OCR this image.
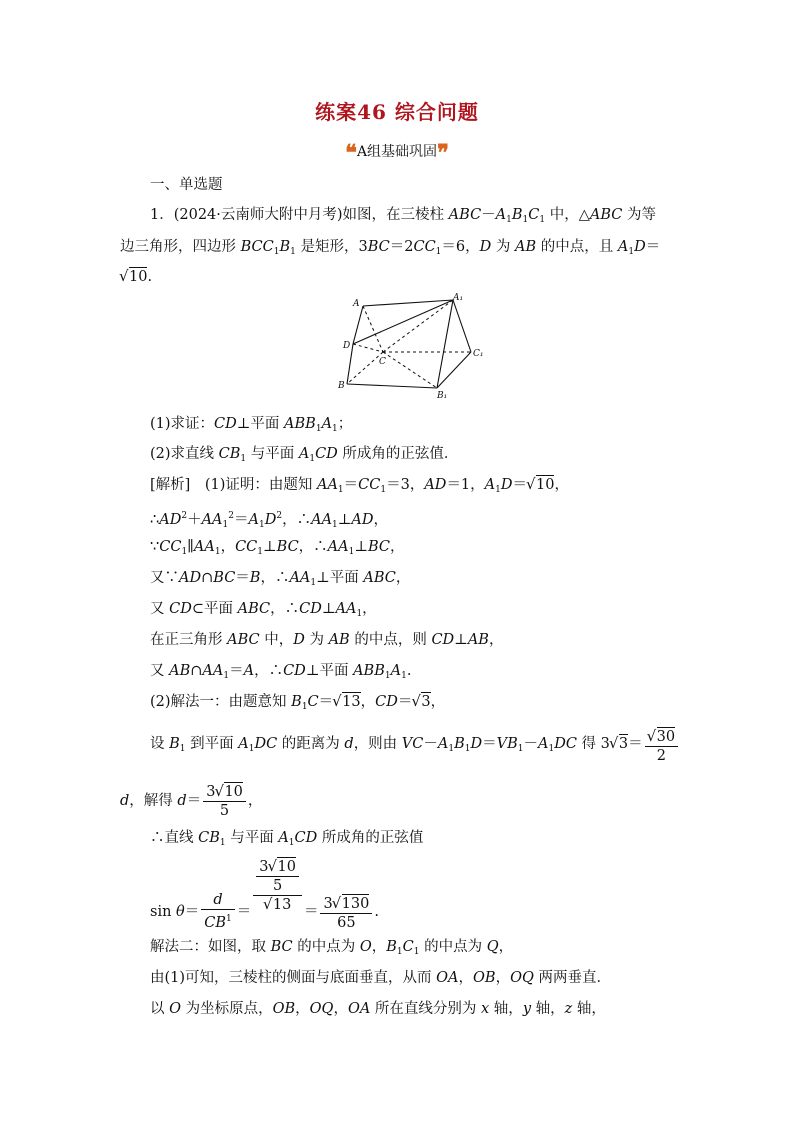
练案46 综合问题
❝A组基础巩固❞
一、单选题
1．(2024·云南师大附中月考)如图，在三棱柱 $ABC-A_1B_1C_1$ 中，△ABC 为等
边三角形，四边形 $BCC_1B_1$ 是矩形，$3BC=2CC_1=6$，D 为 AB 的中点，且 $A_1D=$
√ 10.
A
A₁
D
C
C₁
B
B₁
(1)求证：CD⊥平面 $ABB_1A_1$；
(2)求直线 $CB_1$ 与平面 $A_1CD$ 所成角的正弦值．
[解析]　(1)证明：由题知 $AA_1=CC_1=3$，AD＝1，$A_1D=√$ 10，
$\therefore AD^2+AA_1^2=A_1D^2$，$\therefore AA_1\perp AD$，
$\because CC_1\parallel AA_1$，$CC_1\perp BC$，$\therefore AA_1\perp BC$，
又∵AD∩BC＝B，$\therefore AA_1\perp$平面 ABC，
又 CD⊂平面 ABC，$\therefore CD\perp AA_1$，
在正三角形 ABC 中，D 为 AB 的中点，则 CD⊥AB，
又 $AB\cap AA_1=A$，∴CD⊥平面 $ABB_1A_1$.
(2)解法一：由题意知 $B_1C=√$ 13，CD＝√ 3，
设 $B_1$ 到平面 $A_1DC$ 的距离为 d，则由 $VC-A_1B_1D=VB_1-A_1DC$ 得 3√ 3＝
√ $\frac{30}{2}$
d，解得 $d= \frac{3√ 10}{5}$ ，
∴直线 $CB_1$ 与平面 $A_1CD$ 所成角的正弦值
$\sin \theta= \frac{d}{CB^1} = \frac{3√ 10}{5}$
√ $13 = \frac{3√ 130}{65}$ .
解法二：如图，取 BC 的中点为 O，$B_1C_1$ 的中点为 Q，
由(1)可知，三棱柱的侧面与底面垂直，从而 OA，OB，OQ 两两垂直．
以 O 为坐标原点，OB，OQ，OA 所在直线分别为 x 轴，y 轴，z 轴，
